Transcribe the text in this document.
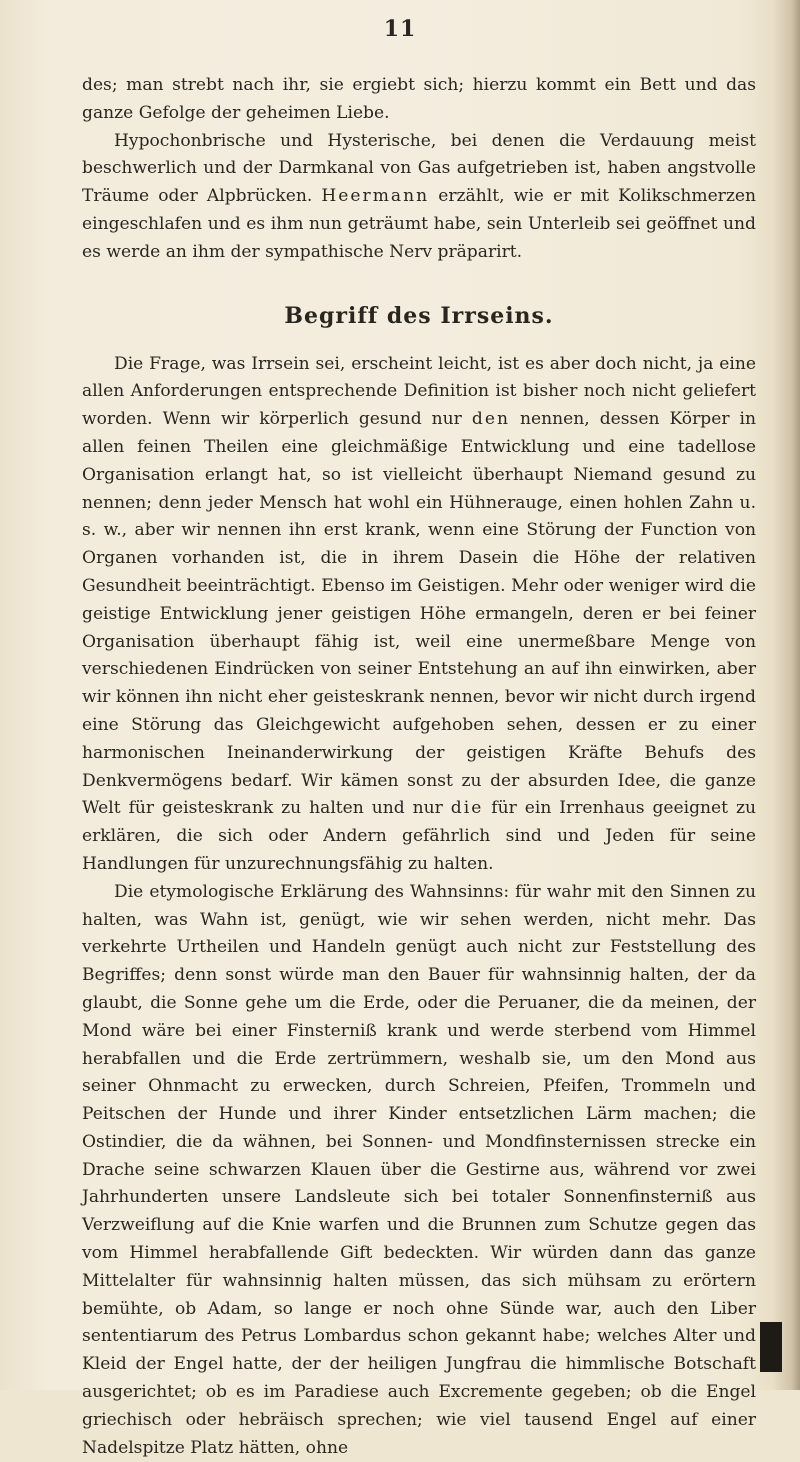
11

des; man strebt nach ihr, sie ergiebt sich; hierzu kommt ein Bett und das ganze Gefolge der geheimen Liebe.

Hypochonbrische und Hysterische, bei denen die Verdauung meist beschwerlich und der Darmkanal von Gas aufgetrieben ist, haben angstvolle Träume oder Alpbrücken. Heermann erzählt, wie er mit Kolikschmerzen eingeschlafen und es ihm nun geträumt habe, sein Unterleib sei geöffnet und es werde an ihm der sympathische Nerv präparirt.

Begriff des Irrseins.

Die Frage, was Irrsein sei, erscheint leicht, ist es aber doch nicht, ja eine allen Anforderungen entsprechende Definition ist bisher noch nicht geliefert worden. Wenn wir körperlich gesund nur den nennen, dessen Körper in allen feinen Theilen eine gleichmäßige Entwicklung und eine tadellose Organisation erlangt hat, so ist vielleicht überhaupt Niemand gesund zu nennen; denn jeder Mensch hat wohl ein Hühnerauge, einen hohlen Zahn u. s. w., aber wir nennen ihn erst krank, wenn eine Störung der Function von Organen vorhanden ist, die in ihrem Dasein die Höhe der relativen Gesundheit beeinträchtigt. Ebenso im Geistigen. Mehr oder weniger wird die geistige Entwicklung jener geistigen Höhe ermangeln, deren er bei feiner Organisation überhaupt fähig ist, weil eine unermeßbare Menge von verschiedenen Eindrücken von seiner Entstehung an auf ihn einwirken, aber wir können ihn nicht eher geisteskrank nennen, bevor wir nicht durch irgend eine Störung das Gleichgewicht aufgehoben sehen, dessen er zu einer harmonischen Ineinanderwirkung der geistigen Kräfte Behufs des Denkvermögens bedarf. Wir kämen sonst zu der absurden Idee, die ganze Welt für geisteskrank zu halten und nur die für ein Irrenhaus geeignet zu erklären, die sich oder Andern gefährlich sind und Jeden für seine Handlungen für unzurechnungsfähig zu halten.

Die etymologische Erklärung des Wahnsinns: für wahr mit den Sinnen zu halten, was Wahn ist, genügt, wie wir sehen werden, nicht mehr. Das verkehrte Urtheilen und Handeln genügt auch nicht zur Feststellung des Begriffes; denn sonst würde man den Bauer für wahnsinnig halten, der da glaubt, die Sonne gehe um die Erde, oder die Peruaner, die da meinen, der Mond wäre bei einer Finsterniß krank und werde sterbend vom Himmel herabfallen und die Erde zertrümmern, weshalb sie, um den Mond aus seiner Ohnmacht zu erwecken, durch Schreien, Pfeifen, Trommeln und Peitschen der Hunde und ihrer Kinder entsetzlichen Lärm machen; die Ostindier, die da wähnen, bei Sonnen- und Mondfinsternissen strecke ein Drache seine schwarzen Klauen über die Gestirne aus, während vor zwei Jahrhunderten unsere Landsleute sich bei totaler Sonnenfinsterniß aus Verzweiflung auf die Knie warfen und die Brunnen zum Schutze gegen das vom Himmel herabfallende Gift bedeckten. Wir würden dann das ganze Mittelalter für wahnsinnig halten müssen, das sich mühsam zu erörtern bemühte, ob Adam, so lange er noch ohne Sünde war, auch den Liber sententiarum des Petrus Lombardus schon gekannt habe; welches Alter und Kleid der Engel hatte, der der heiligen Jungfrau die himmlische Botschaft ausgerichtet; ob es im Paradiese auch Excremente gegeben; ob die Engel griechisch oder hebräisch sprechen; wie viel tausend Engel auf einer Nadelspitze Platz hätten, ohne
